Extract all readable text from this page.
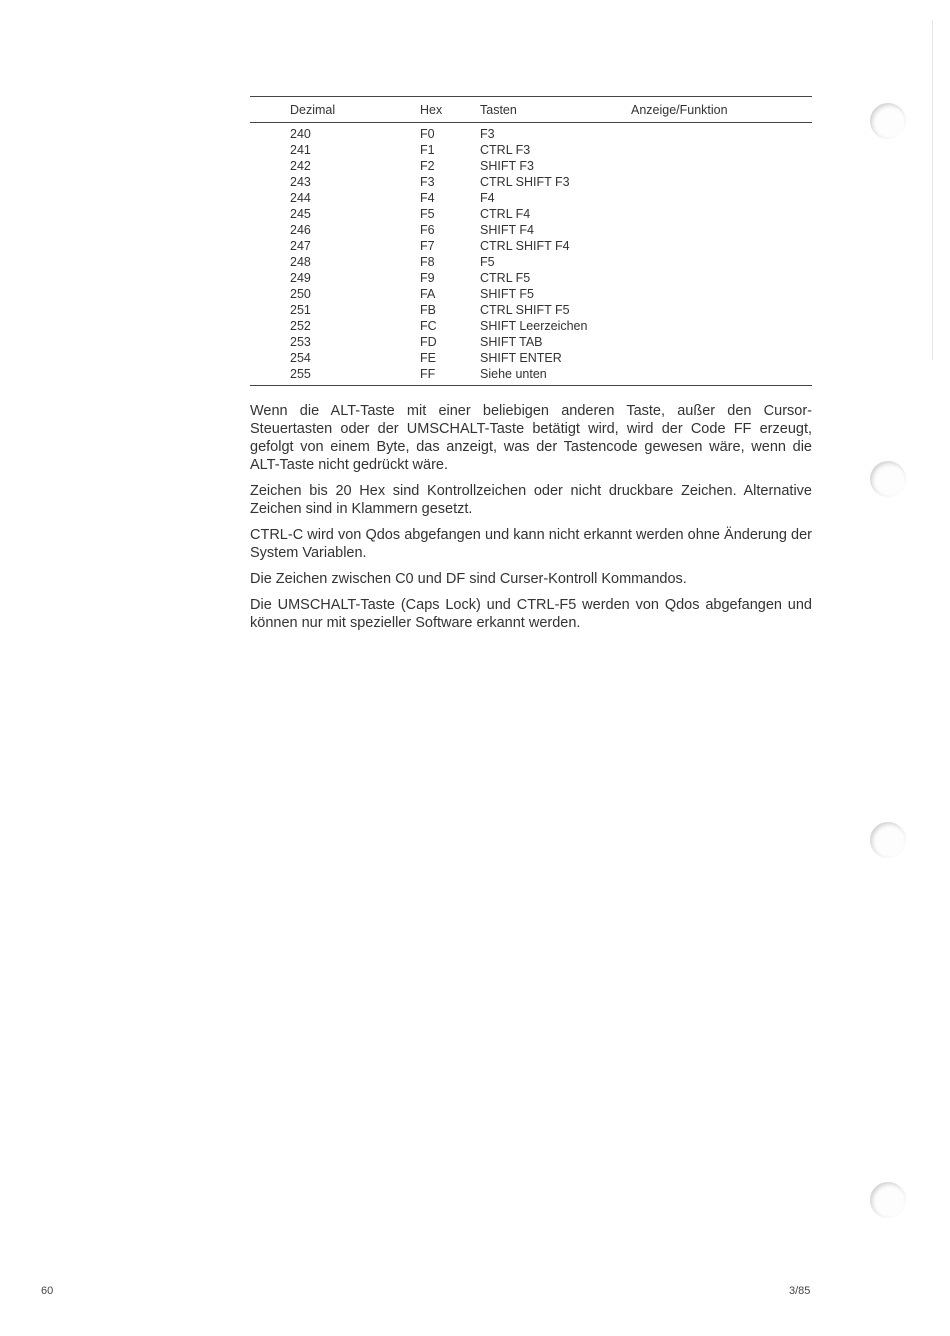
Dezimal	Hex	Tasten	Anzeige/Funktion
240	F0	F3	
241	F1	CTRL F3	
242	F2	SHIFT F3	
243	F3	CTRL SHIFT F3	
244	F4	F4	
245	F5	CTRL F4	
246	F6	SHIFT F4	
247	F7	CTRL SHIFT F4	
248	F8	F5	
249	F9	CTRL F5	
250	FA	SHIFT F5	
251	FB	CTRL SHIFT F5	
252	FC	SHIFT Leerzeichen	
253	FD	SHIFT TAB	
254	FE	SHIFT ENTER	
255	FF	Siehe unten	

Wenn die ALT-Taste mit einer beliebigen anderen Taste, außer den Cursor-Steuertasten oder der UMSCHALT-Taste betätigt wird, wird der Code FF erzeugt, gefolgt von einem Byte, das anzeigt, was der Tastencode gewesen wäre, wenn die ALT-Taste nicht gedrückt wäre.

Zeichen bis 20 Hex sind Kontrollzeichen oder nicht druckbare Zeichen. Alternative Zeichen sind in Klammern gesetzt.

CTRL-C wird von Qdos abgefangen und kann nicht erkannt werden ohne Änderung der System Variablen.

Die Zeichen zwischen C0 und DF sind Curser-Kontroll Kommandos.

Die UMSCHALT-Taste (Caps Lock) und CTRL-F5 werden von Qdos abgefangen und können nur mit spezieller Software erkannt werden.

60	3/85
